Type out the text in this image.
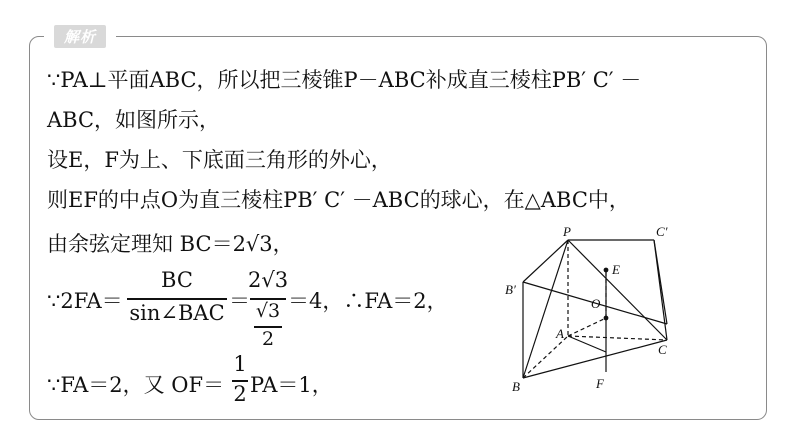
解析
∵PA⊥平面ABC，所以把三棱锥P－ABC补成直三棱柱PB′ C′ －
ABC，如图所示，
设E，F为上、下底面三角形的外心，
则EF的中点O为直三棱柱PB′ C′ －ABC的球心，在△ABC中，
由余弦定理知 BC＝2√3，
∵2FA＝
BC
sin∠BAC ＝
2√3
√3
2
＝4，∴FA＝2，
∵FA＝2，又 OF＝
1
2 PA＝1，
P	C′
E
B′
O
A
C
B	F
